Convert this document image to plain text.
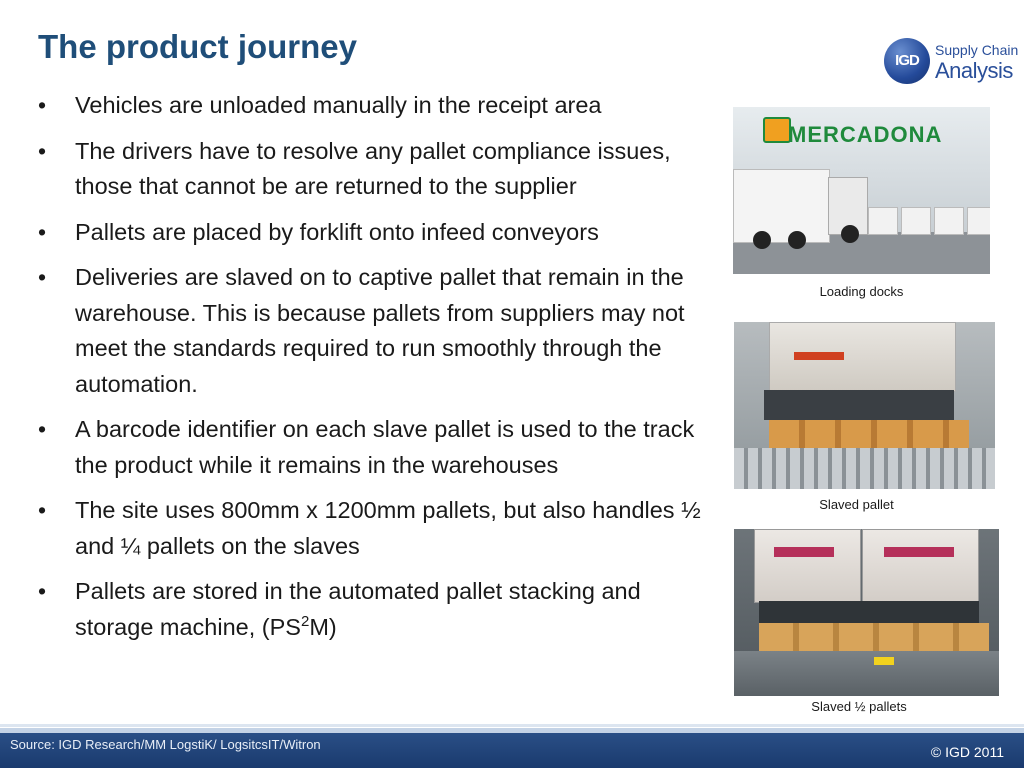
The product journey	IGD
Supply Chain
Analysis
• Vehicles are unloaded manually in the receipt area
• The drivers have to resolve any pallet compliance issues, those that cannot be are returned to the supplier
• Pallets are placed by forklift onto infeed conveyors
• Deliveries are slaved on to captive pallet that remain in the warehouse. This is because pallets from suppliers may not meet the standards required to run smoothly through the automation.
• A barcode identifier on each slave pallet is used to the track the product while it remains in the warehouses
• The site uses 800mm x 1200mm pallets, but also handles ½ and ¼ pallets on the slaves
• Pallets are stored in the automated pallet stacking and storage machine, $(PS^2M)$
MERCADONA
Loading docks
Slaved pallet
Slaved ½ pallets
Source: IGD Research/MM LogstiK/ LogsitcsIT/Witron	© IGD 2011
